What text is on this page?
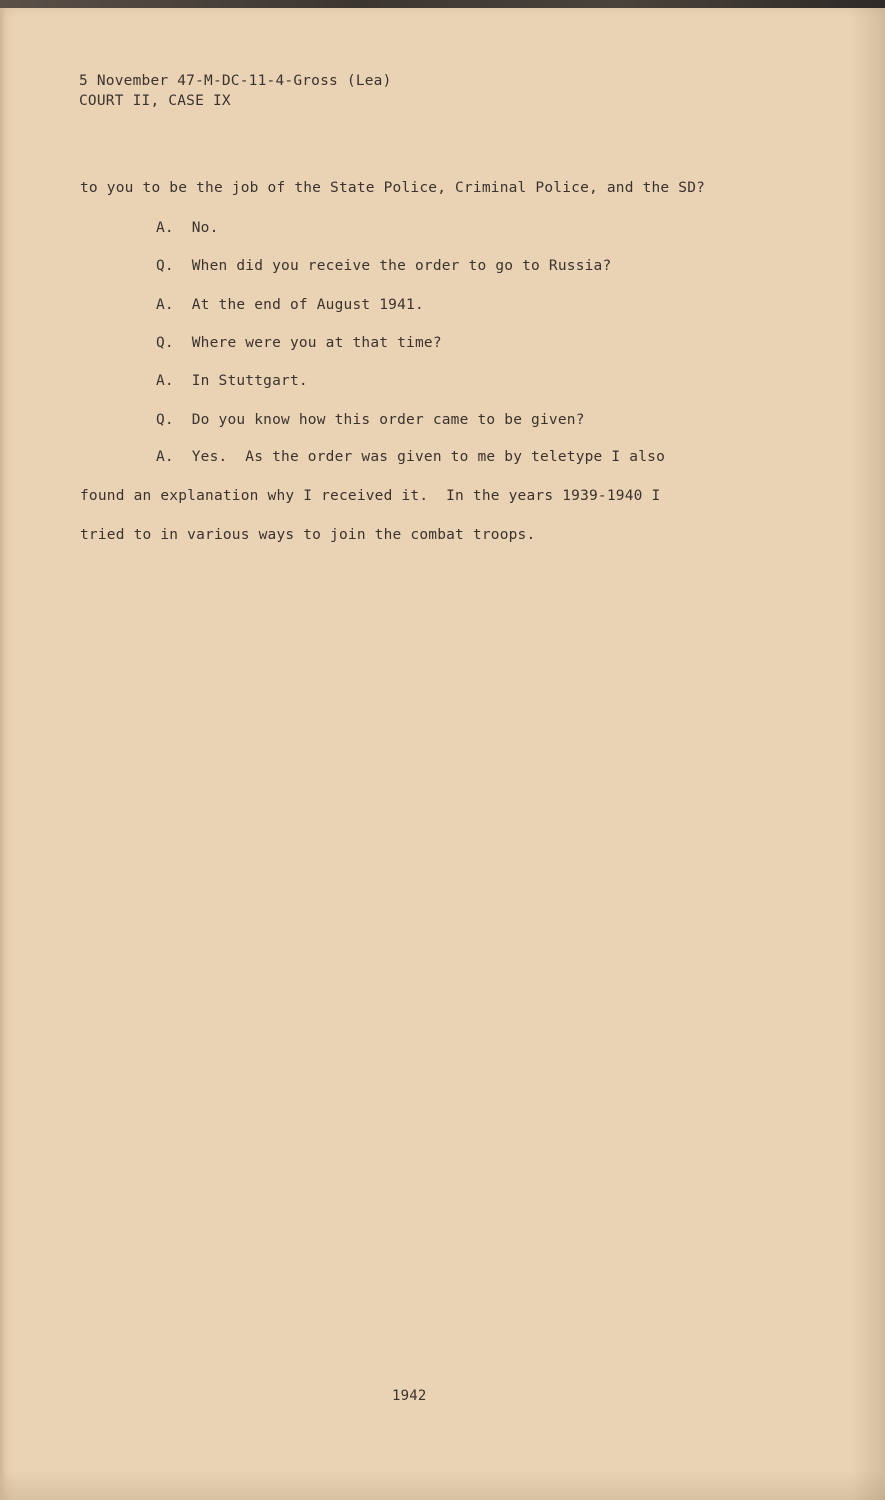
5 November 47-M-DC-11-4-Gross (Lea)
COURT II, CASE IX
to you to be the job of the State Police, Criminal Police, and the SD?
A.  No.
Q.  When did you receive the order to go to Russia?
A.  At the end of August 1941.
Q.  Where were you at that time?
A.  In Stuttgart.
Q.  Do you know how this order came to be given?
A.  Yes.  As the order was given to me by teletype I also
found an explanation why I received it.  In the years 1939-1940 I
tried to in various ways to join the combat troops.
1942
